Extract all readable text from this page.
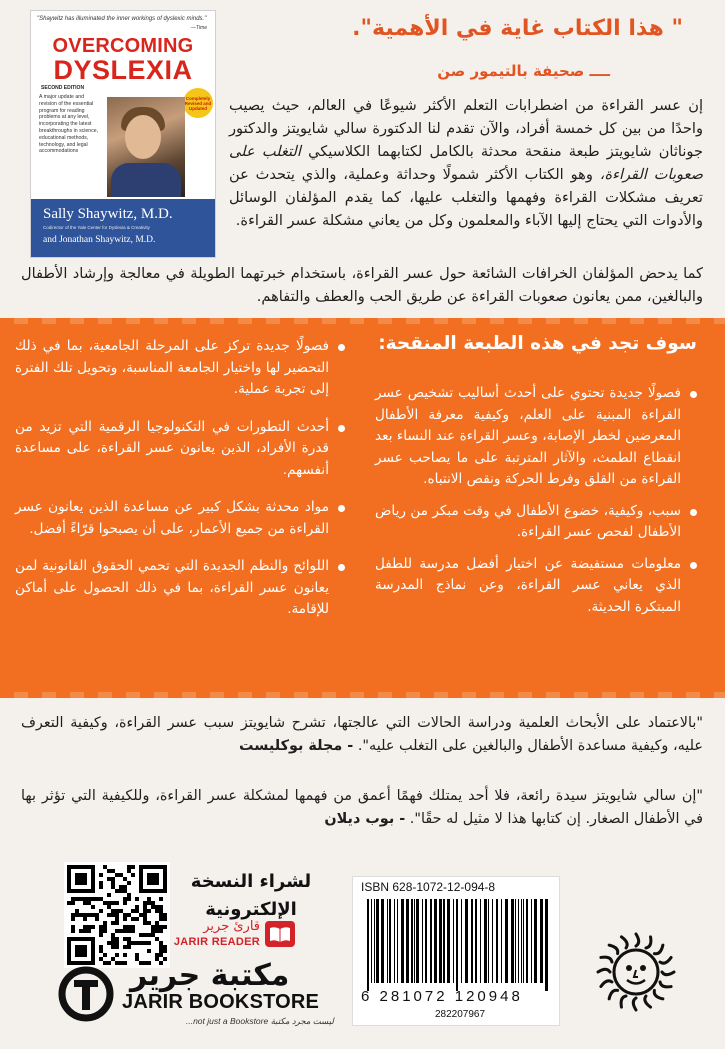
"Shaywitz has illuminated the inner workings of dyslexic minds."
—Time
OVERCOMING
DYSLEXIA
SECOND EDITION
Completely Revised and Updated
A major update and revision of the essential program for reading problems at any level, incorporating the latest breakthroughs in science, educational methods, technology, and legal accommodations
Sally Shaywitz, M.D.
Codirector of the Yale Center for Dyslexia & Creativity
and Jonathan Shaywitz, M.D.
" هذا الكتاب غاية في الأهمية".
ــــ صحيفة بالتيمور صن

إن عسر القراءة من اضطرابات التعلم الأكثر شيوعًا في العالم، حيث يصيب واحدًا من بين كل خمسة أفراد، والآن تقدم لنا الدكتورة سالي شايويتز والدكتور جوناثان شايويتز طبعة منقحة محدثة بالكامل لكتابهما الكلاسيكي التغلب على صعوبات القراءة، وهو الكتاب الأكثر شمولًا وحداثة وعملية، والذي يتحدث عن تعريف مشكلات القراءة وفهمها والتغلب عليها، كما يقدم المؤلفان الوسائل والأدوات التي يحتاج إليها الآباء والمعلمون وكل من يعاني مشكلة عسر القراءة.

كما يدحض المؤلفان الخرافات الشائعة حول عسر القراءة، باستخدام خبرتهما الطويلة في معالجة وإرشاد الأطفال والبالغين، ممن يعانون صعوبات القراءة عن طريق الحب والعطف والتفاهم.

سوف تجد في هذه الطبعة المنقحة:
فصولًا جديدة تحتوي على أحدث أساليب تشخيص عسر القراءة المبنية على العلم، وكيفية معرفة الأطفال المعرضين لخطر الإصابة، وعسر القراءة عند النساء بعد انقطاع الطمث، والآثار المترتبة على ما يصاحب عسر القراءة من القلق وفرط الحركة ونقص الانتباه.
سبب، وكيفية، خضوع الأطفال في وقت مبكر من رياض الأطفال لفحص عسر القراءة.
معلومات مستفيضة عن اختيار أفضل مدرسة للطفل الذي يعاني عسر القراءة، وعن نماذج المدرسة المبتكرة الحديثة.
فصولًا جديدة تركز على المرحلة الجامعية، بما في ذلك التحضير لها واختيار الجامعة المناسبة، وتحويل تلك الفترة إلى تجربة عملية.
أحدث التطورات في التكنولوجيا الرقمية التي تزيد من قدرة الأفراد، الذين يعانون عسر القراءة، على مساعدة أنفسهم.
مواد محدثة بشكل كبير عن مساعدة الذين يعانون عسر القراءة من جميع الأعمار، على أن يصبحوا قرّاءً أفضل.
اللوائح والنظم الجديدة التي تحمي الحقوق القانونية لمن يعانون عسر القراءة، بما في ذلك الحصول على أماكن للإقامة.

"بالاعتماد على الأبحاث العلمية ودراسة الحالات التي عالجتها، تشرح شايويتز سبب عسر القراءة، وكيفية التعرف عليه، وكيفية مساعدة الأطفال والبالغين على التغلب عليه". - مجلة بوكليست

"إن سالي شايويتز سيدة رائعة، فلا أحد يمتلك فهمًا أعمق من فهمها لمشكلة عسر القراءة، وللكيفية التي تؤثر بها في الأطفال الصغار. إن كتابها هذا لا مثيل له حقًا". - بوب ديلان

لشراء النسخة
الإلكترونية
قارئ جرير
JARIR READER
مكتبة جرير
JARIR BOOKSTORE
...not just a Bookstore ليست مجرد مكتبة
ISBN 628-1072-12-094-8
6 281072 120948
282207967
